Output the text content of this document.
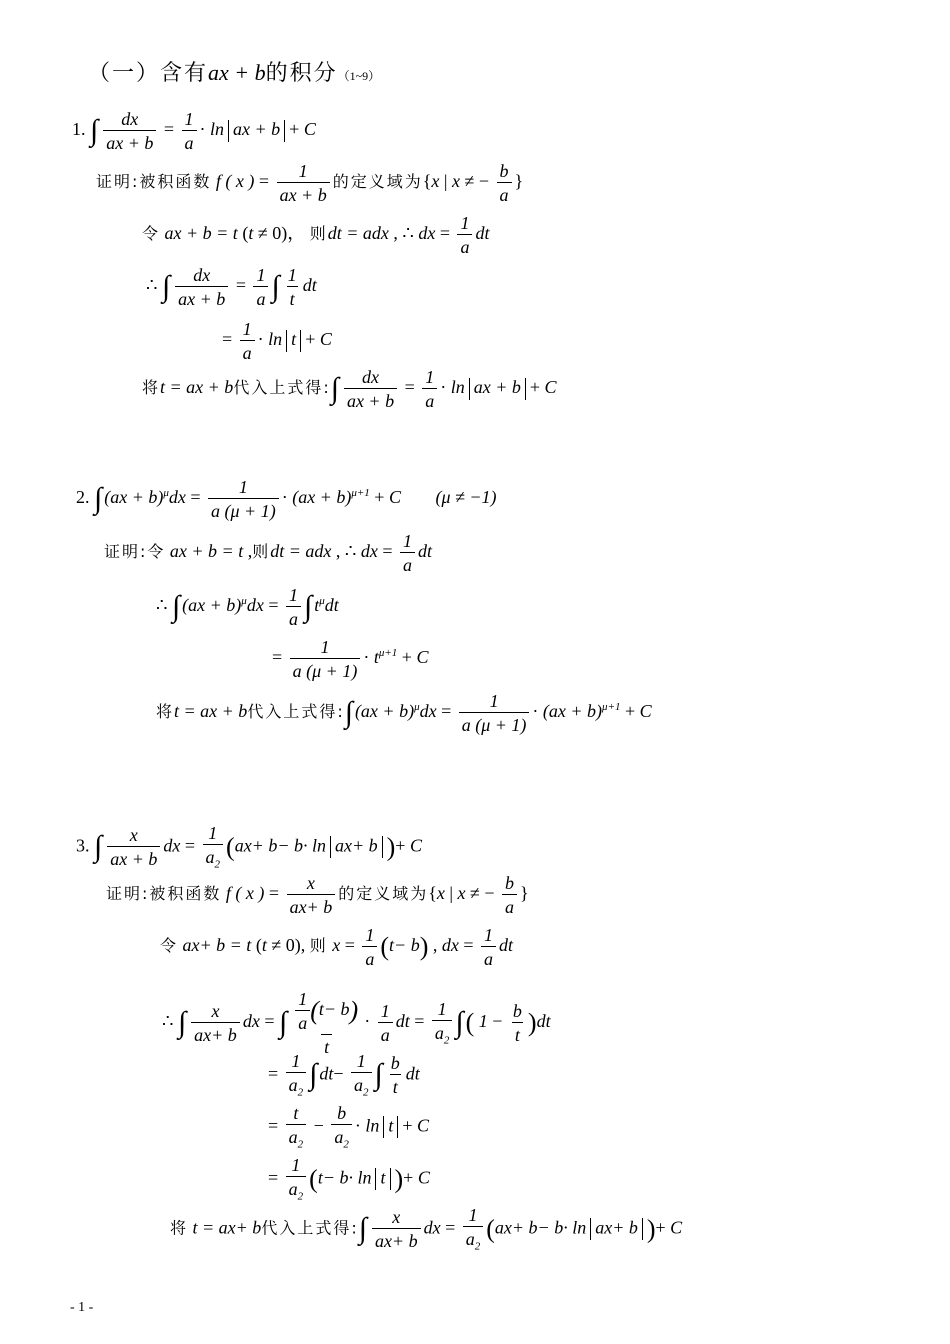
（一）含有ax + b的积分（1~9）
1. ∫ $\frac{dx}{ax + b} = \frac{1}{a} \cdot \ln$ ax + b + C
证明:被积函数 f ( x ) = $\frac{1}{ax + b}$ 的定义域为{x | x ≠ − $\frac{b}{a}$ }
令 ax + b = t (t ≠ 0)， 则dt = adx , ∴ dx = $\frac{1}{a}$ dt
∴ ∫ $\frac{dx}{ax + b} = \frac{1}{a}$ ∫ $\frac{1}{t}$ dt
= $\frac{1}{a} \cdot \ln t + C$
将t = ax + b代入上式得:∫ $\frac{dx}{ax + b} = \frac{1}{a} \cdot \ln$ ax + b + C
2. ∫ $(ax + b)^\mu dx = \frac{1}{a (\mu + 1)} \cdot (ax + b)^{\mu+1} + C$ (μ ≠ −1)
证明:令 ax + b = t ,则dt = adx , ∴ dx = $\frac{1}{a}$ dt
∴ ∫ $(ax + b)^\mu dx = \frac{1}{a}$ ∫ $t^\mu dt$
= $\frac{1}{a (\mu + 1)} \cdot t^{\mu+1} + C$
将t = ax + b代入上式得:∫ $(ax + b)^\mu dx = \frac{1}{a (\mu + 1)} \cdot (ax + b)^{\mu+1} + C$
3. ∫ $\frac{x}{ax + b}$ dx = $\frac{1}{a_2} (ax+ b- b\cdot \ln ax+ b$ )+ C
证明:被积函数 f ( x ) = $\frac{x}{ax+ b}$ 的定义域为{x | x ≠ − $\frac{b}{a}$ }
令 ax+ b = t (t ≠ 0), 则 $x = \frac{1}{a} (t- b)$ , dx = $\frac{1}{a}$ dt
∴ ∫ $\frac{x}{ax+ b}$ dx = ∫ $\frac{\frac{1}{a} (t- b)}{t} \cdot \frac{1}{a}$ dt = $\frac{1}{a_2}$ ∫( $1 - \frac{b}{t} )dt$
= $\frac{1}{a_2}$ ∫ $dt- \frac{1}{a_2}$ ∫ $\frac{b}{t}$ dt
= $\frac{t}{a_2} - \frac{b}{a_2} \cdot \ln t + C$
= $\frac{1}{a_2} (t- b\cdot \ln t$ )+ C
将 t = ax+ b代入上式得:∫ $\frac{x}{ax+ b}$ dx = $\frac{1}{a_2} (ax+ b- b\cdot \ln ax+ b$ )+ C
- 1 -
